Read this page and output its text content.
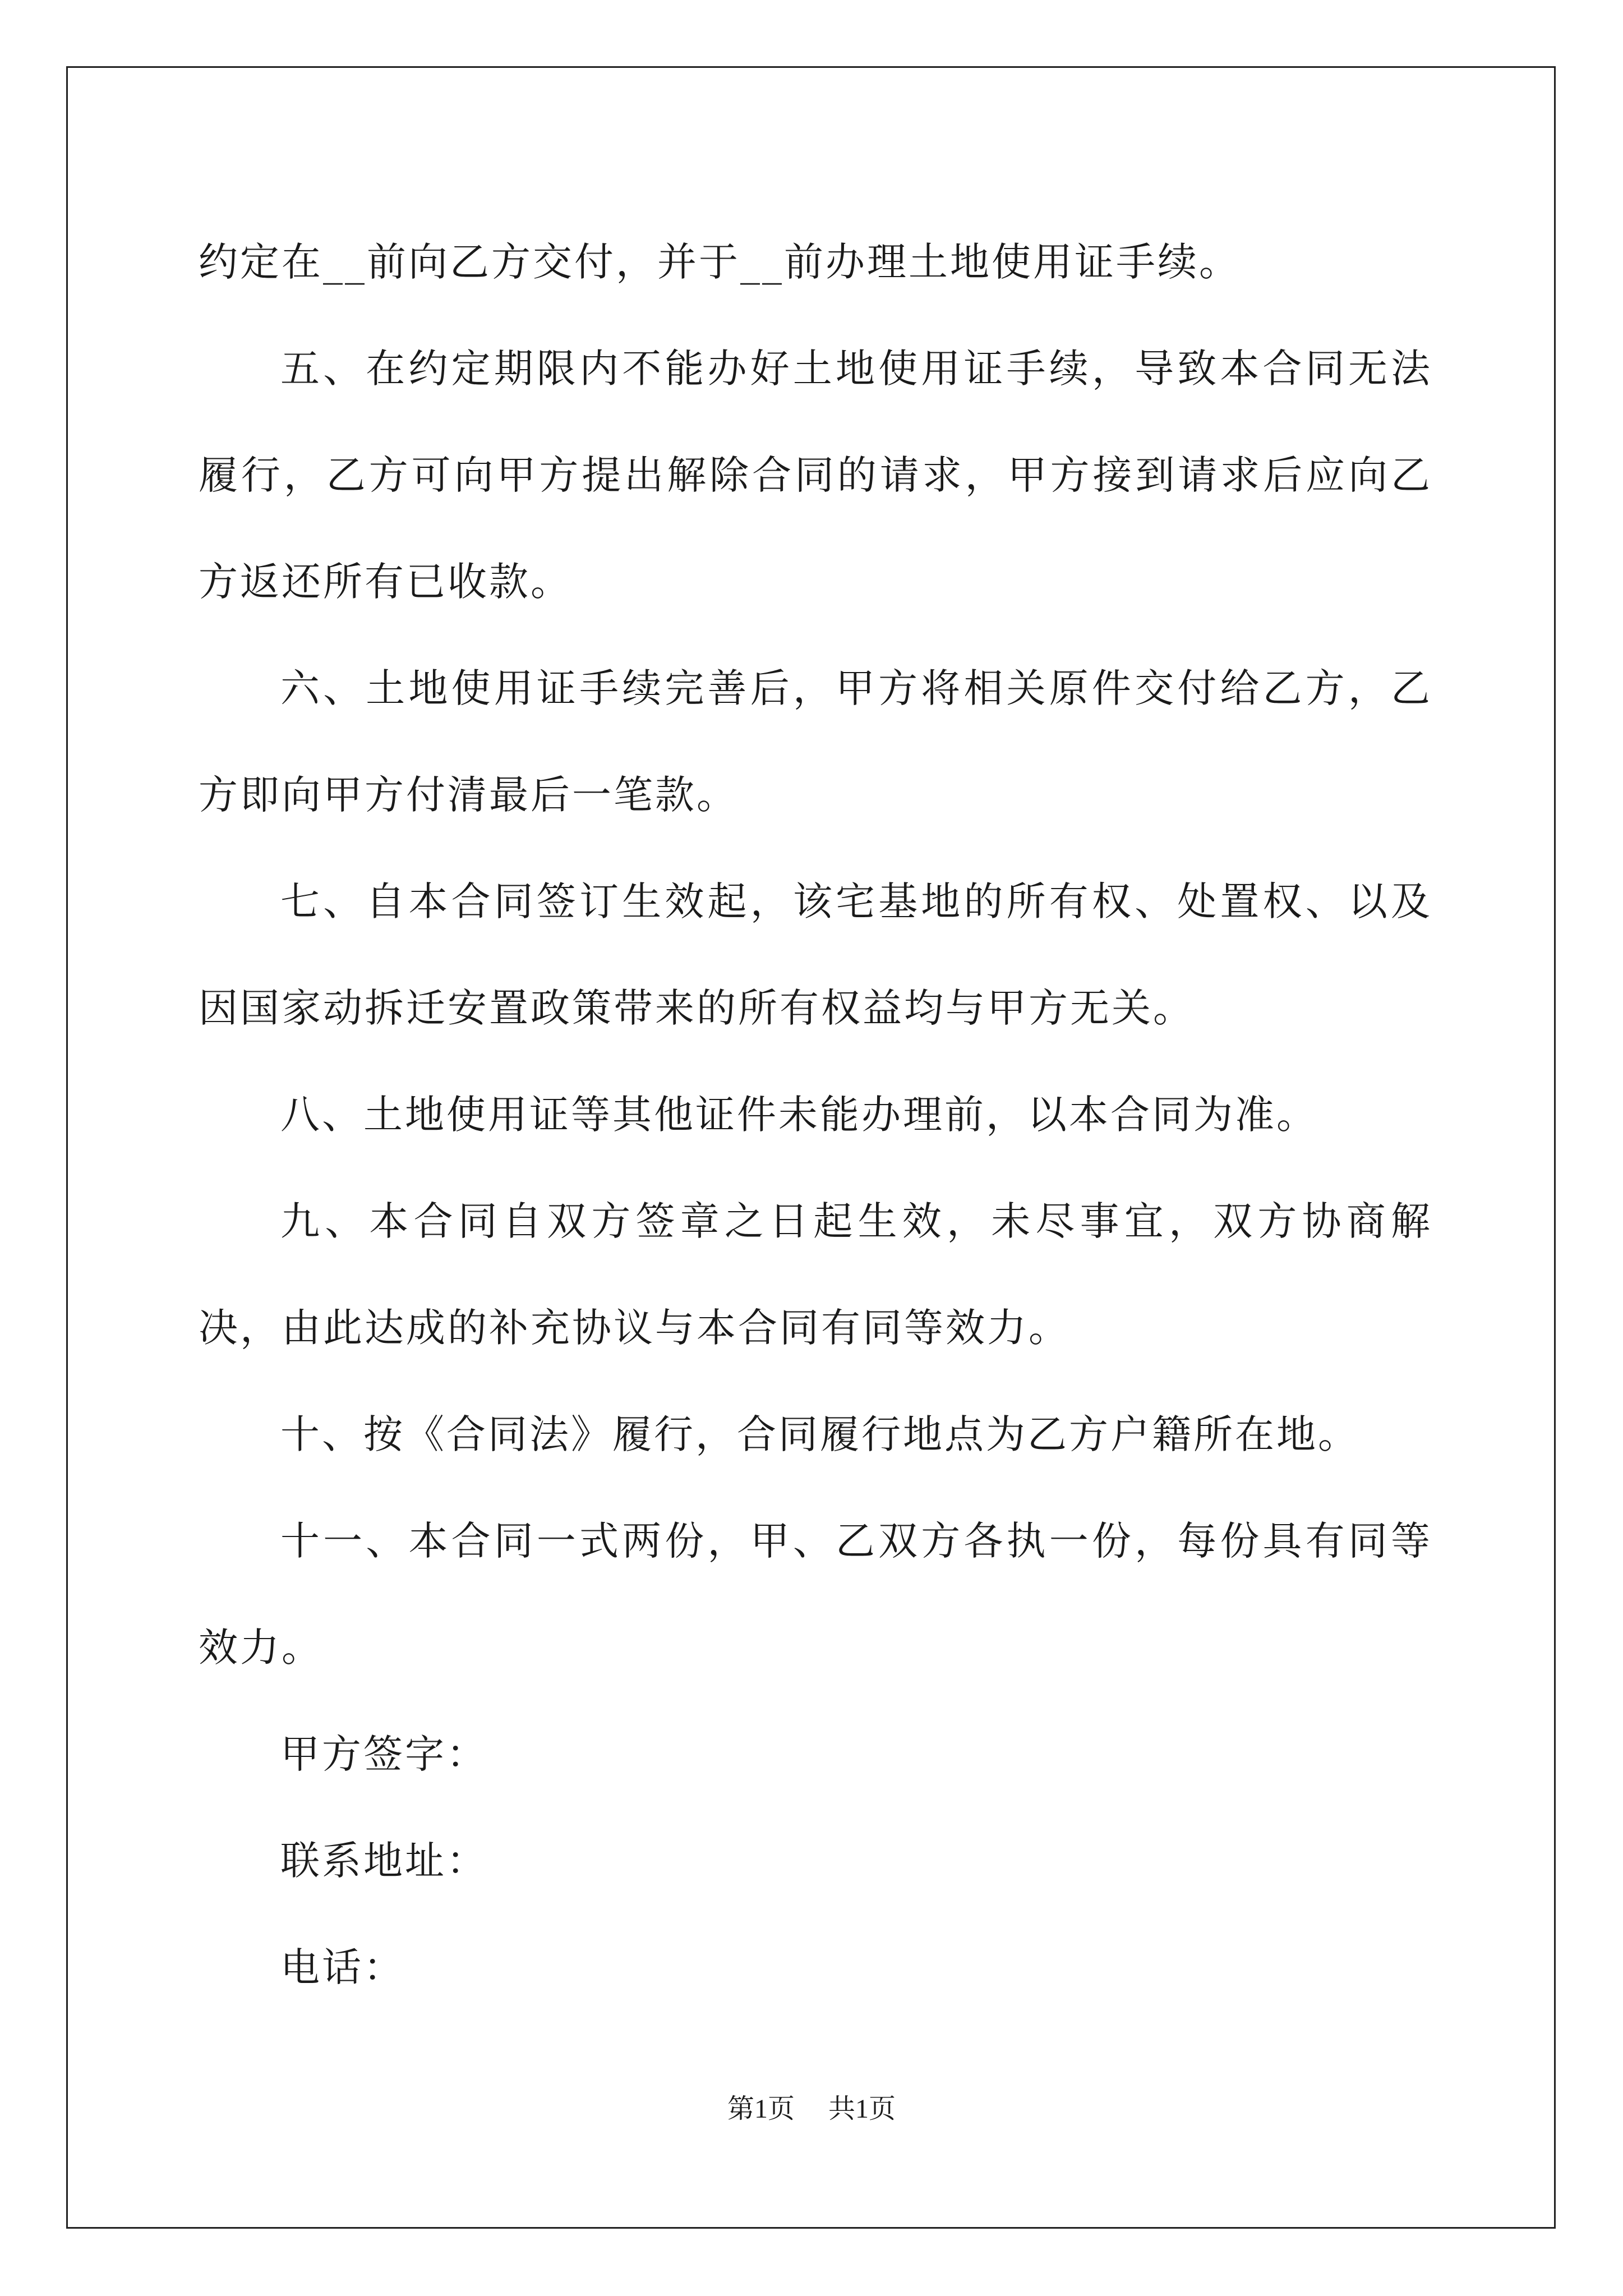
约定在__前向乙方交付，并于__前办理土地使用证手续。

五、在约定期限内不能办好土地使用证手续，导致本合同无法履行，乙方可向甲方提出解除合同的请求，甲方接到请求后应向乙方返还所有已收款。

六、土地使用证手续完善后，甲方将相关原件交付给乙方，乙方即向甲方付清最后一笔款。

七、自本合同签订生效起，该宅基地的所有权、处置权、以及因国家动拆迁安置政策带来的所有权益均与甲方无关。

八、土地使用证等其他证件未能办理前，以本合同为准。

九、本合同自双方签章之日起生效，未尽事宜，双方协商解决，由此达成的补充协议与本合同有同等效力。

十、按《合同法》履行，合同履行地点为乙方户籍所在地。

十一、本合同一式两份，甲、乙双方各执一份，每份具有同等效力。

甲方签字：

联系地址：

电话：

第1页 共1页
